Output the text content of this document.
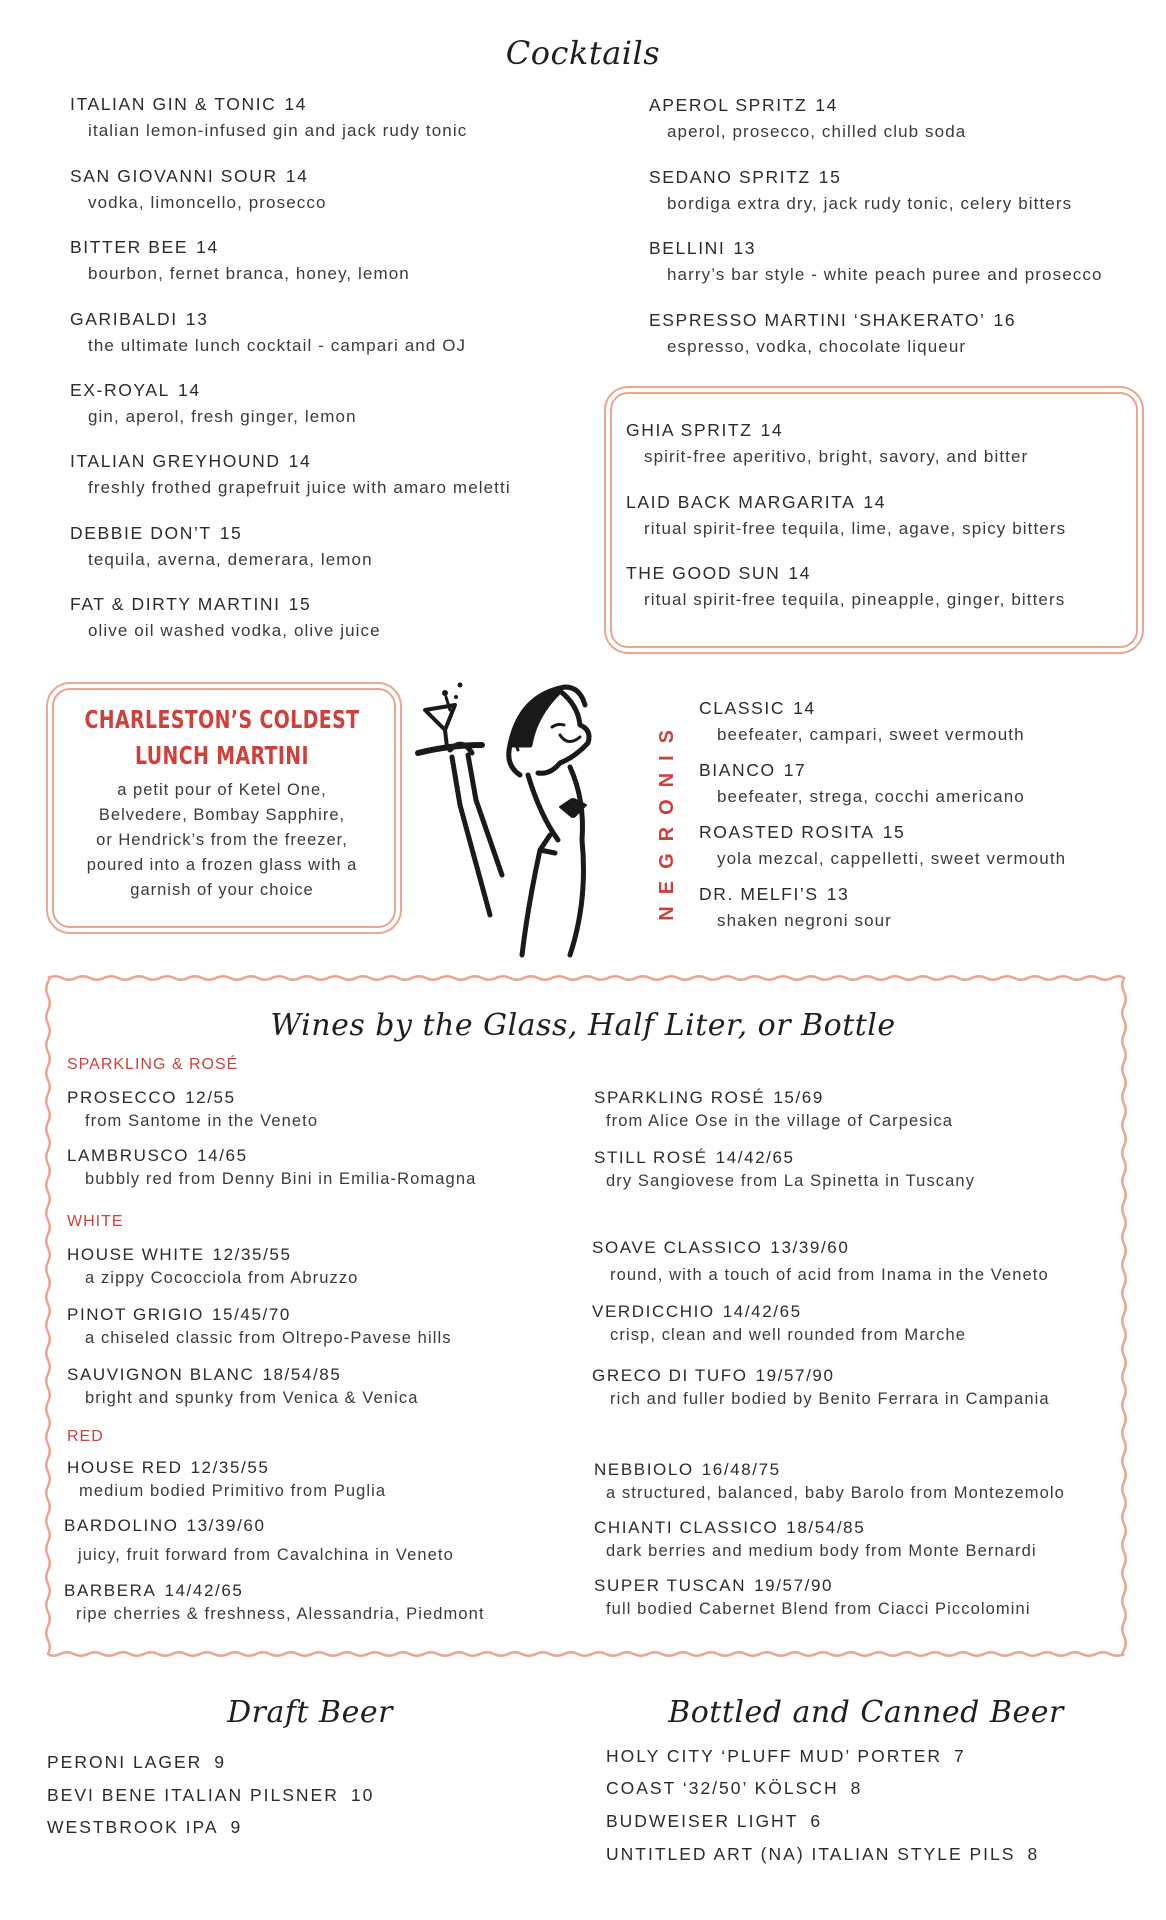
Cocktails
ITALIAN GIN & TONIC 14
italian lemon-infused gin and jack rudy tonic
SAN GIOVANNI SOUR 14
vodka, limoncello, prosecco
BITTER BEE 14
bourbon, fernet branca, honey, lemon
GARIBALDI 13
the ultimate lunch cocktail - campari and OJ
EX-ROYAL 14
gin, aperol, fresh ginger, lemon
ITALIAN GREYHOUND 14
freshly frothed grapefruit juice with amaro meletti
DEBBIE DON’T 15
tequila, averna, demerara, lemon
FAT & DIRTY MARTINI 15
olive oil washed vodka, olive juice
APEROL SPRITZ 14
aperol, prosecco, chilled club soda
SEDANO SPRITZ 15
bordiga extra dry, jack rudy tonic, celery bitters
BELLINI 13
harry’s bar style - white peach puree and prosecco
ESPRESSO MARTINI ‘SHAKERATO’ 16
espresso, vodka, chocolate liqueur
GHIA SPRITZ 14
spirit-free aperitivo, bright, savory, and bitter
LAID BACK MARGARITA 14
ritual spirit-free tequila, lime, agave, spicy bitters
THE GOOD SUN 14
ritual spirit-free tequila, pineapple, ginger, bitters
CHARLESTON’S COLDEST
LUNCH MARTINI
a petit pour of Ketel One,
Belvedere, Bombay Sapphire,
or Hendrick’s from the freezer,
poured into a frozen glass with a
garnish of your choice	NEGRONIS
CLASSIC 14
beefeater, campari, sweet vermouth
BIANCO 17
beefeater, strega, cocchi americano
ROASTED ROSITA 15
yola mezcal, cappelletti, sweet vermouth
DR. MELFI’S 13
shaken negroni sour
Wines by the Glass, Half Liter, or Bottle
SPARKLING & ROSÉ
WHITE
RED
PROSECCO 12/55
from Santome in the Veneto
LAMBRUSCO 14/65
bubbly red from Denny Bini in Emilia-Romagna
SPARKLING ROSÉ 15/69
from Alice Ose in the village of Carpesica
STILL ROSÉ 14/42/65
dry Sangiovese from La Spinetta in Tuscany
HOUSE WHITE 12/35/55
a zippy Cococciola from Abruzzo
PINOT GRIGIO 15/45/70
a chiseled classic from Oltrepo-Pavese hills
SAUVIGNON BLANC 18/54/85
bright and spunky from Venica & Venica
SOAVE CLASSICO 13/39/60
round, with a touch of acid from Inama in the Veneto
VERDICCHIO 14/42/65
crisp, clean and well rounded from Marche
GRECO DI TUFO 19/57/90
rich and fuller bodied by Benito Ferrara in Campania
HOUSE RED 12/35/55
medium bodied Primitivo from Puglia
BARDOLINO 13/39/60
juicy, fruit forward from Cavalchina in Veneto
BARBERA 14/42/65
ripe cherries & freshness, Alessandria, Piedmont
NEBBIOLO 16/48/75
a structured, balanced, baby Barolo from Montezemolo
CHIANTI CLASSICO 18/54/85
dark berries and medium body from Monte Bernardi
SUPER TUSCAN 19/57/90
full bodied Cabernet Blend from Ciacci Piccolomini
Draft Beer	Bottled and Canned Beer
PERONI LAGER 9
BEVI BENE ITALIAN PILSNER 10
WESTBROOK IPA 9
HOLY CITY ‘PLUFF MUD’ PORTER 7
COAST ‘32/50’ KÖLSCH 8
BUDWEISER LIGHT 6
UNTITLED ART (NA) ITALIAN STYLE PILS 8
